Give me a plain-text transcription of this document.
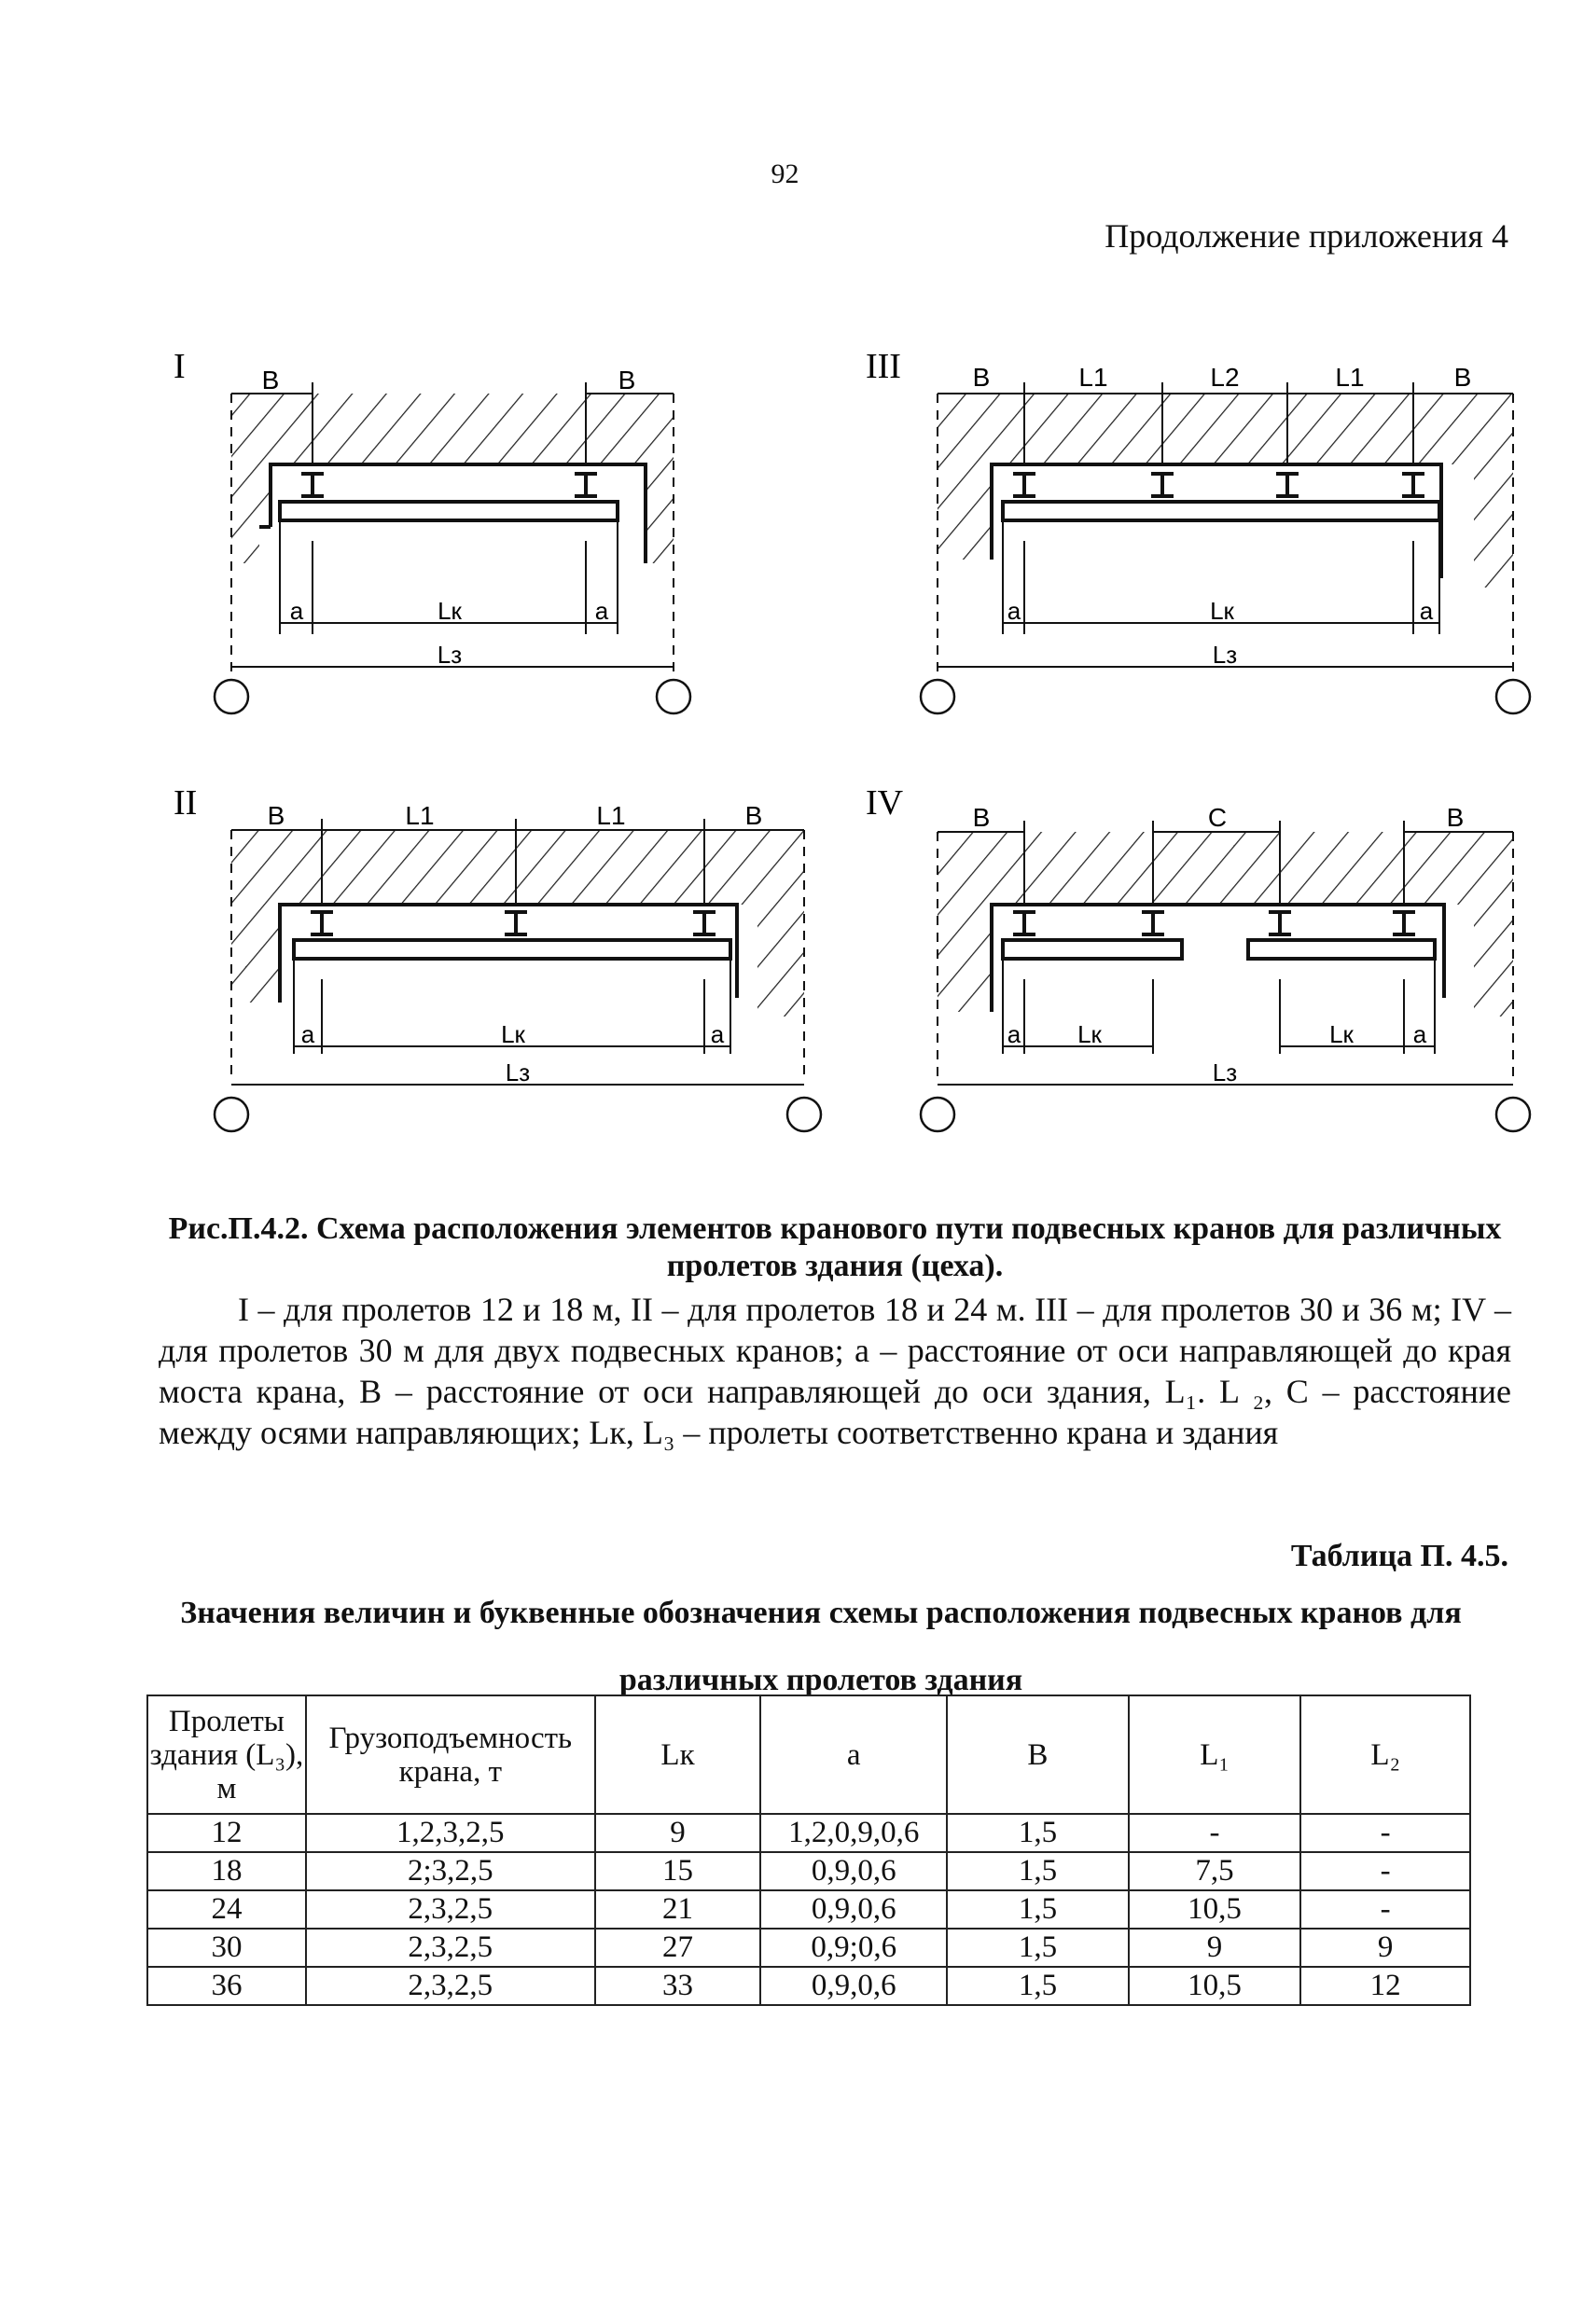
92
Продолжение приложения 4
I	B	B
a	a
Lк
Lз
III	B	L1	L2	L1	B
a	a
Lк
Lз
II	B	L1	L1	B
a	a
Lк
Lз
IV	B	C	B
a Lк	Lк a
Lз
Рис.П.4.2. Схема расположения элементов кранового пути подвесных кранов для различных пролетов здания (цеха).
I – для пролетов 12 и 18 м, II – для пролетов 18 и 24 м. III – для пролетов 30 и 36 м; IV – для пролетов 30 м для двух подвесных кранов; а – расстояние от оси направляющей до края моста крана, В – расстояние от оси направляющей до оси здания, L₁. L ₂, С – расстояние между осями направляющих; Lк, L₃ – пролеты соответственно крана и здания
Таблица П. 4.5.
Значения величин и буквенные обозначения схемы расположения подвесных кранов для различных пролетов здания
Пролеты здания (L₃), м	Грузоподъемность крана, т	Lк	а	В	L₁	L₂
12	1,2,3,2,5	9	1,2,0,9,0,6	1,5	-	-
18	2;3,2,5	15	0,9,0,6	1,5	7,5	-
24	2,3,2,5	21	0,9,0,6	1,5	10,5	-
30	2,3,2,5	27	0,9;0,6	1,5	9	9
36	2,3,2,5	33	0,9,0,6	1,5	10,5	12
